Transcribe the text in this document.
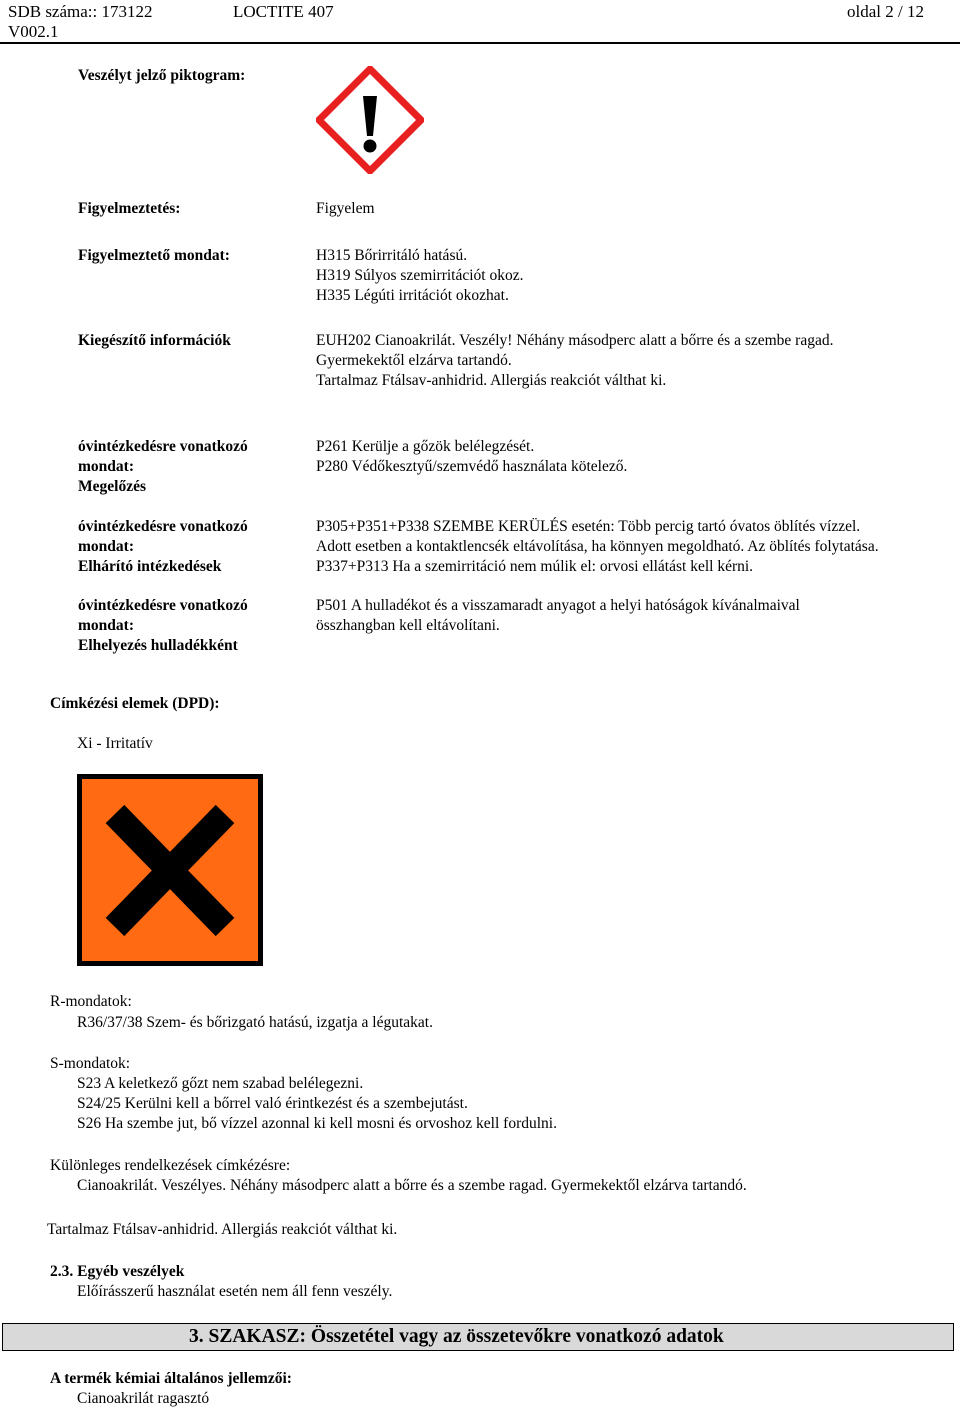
SDB száma:: 173122
V002.1
LOCTITE 407	oldal 2 / 12
Veszélyt jelző piktogram:
Figyelmeztetés:	Figyelem
Figyelmeztető mondat:	H315 Bőrirritáló hatású.
H319 Súlyos szemirritációt okoz.
H335 Légúti irritációt okozhat.
Kiegészítő információk	EUH202 Cianoakrilát. Veszély! Néhány másodperc alatt a bőrre és a szembe ragad.
Gyermekektől elzárva tartandó.
Tartalmaz Ftálsav-anhidrid. Allergiás reakciót válthat ki.
óvintézkedésre vonatkozó
mondat:
Megelőzés
P261 Kerülje a gőzök belélegzését.
P280 Védőkesztyű/szemvédő használata kötelező.
óvintézkedésre vonatkozó
mondat:
Elhárító intézkedések
P305+P351+P338 SZEMBE KERÜLÉS esetén: Több percig tartó óvatos öblítés vízzel.
Adott esetben a kontaktlencsék eltávolítása, ha könnyen megoldható. Az öblítés folytatása.
P337+P313 Ha a szemirritáció nem múlik el: orvosi ellátást kell kérni.
óvintézkedésre vonatkozó
mondat:
Elhelyezés hulladékként
P501 A hulladékot és a visszamaradt anyagot a helyi hatóságok kívánalmaival
összhangban kell eltávolítani.
Címkézési elemek (DPD):
Xi - Irritatív
R-mondatok:
R36/37/38 Szem- és bőrizgató hatású, izgatja a légutakat.
S-mondatok:
S23 A keletkező gőzt nem szabad belélegezni.
S24/25 Kerülni kell a bőrrel való érintkezést és a szembejutást.
S26 Ha szembe jut, bő vízzel azonnal ki kell mosni és orvoshoz kell fordulni.
Különleges rendelkezések címkézésre:
Cianoakrilát. Veszélyes. Néhány másodperc alatt a bőrre és a szembe ragad. Gyermekektől elzárva tartandó.
Tartalmaz Ftálsav-anhidrid. Allergiás reakciót válthat ki.
2.3. Egyéb veszélyek
Előírásszerű használat esetén nem áll fenn veszély.
3. SZAKASZ: Összetétel vagy az összetevőkre vonatkozó adatok
A termék kémiai általános jellemzői:
Cianoakrilát ragasztó
